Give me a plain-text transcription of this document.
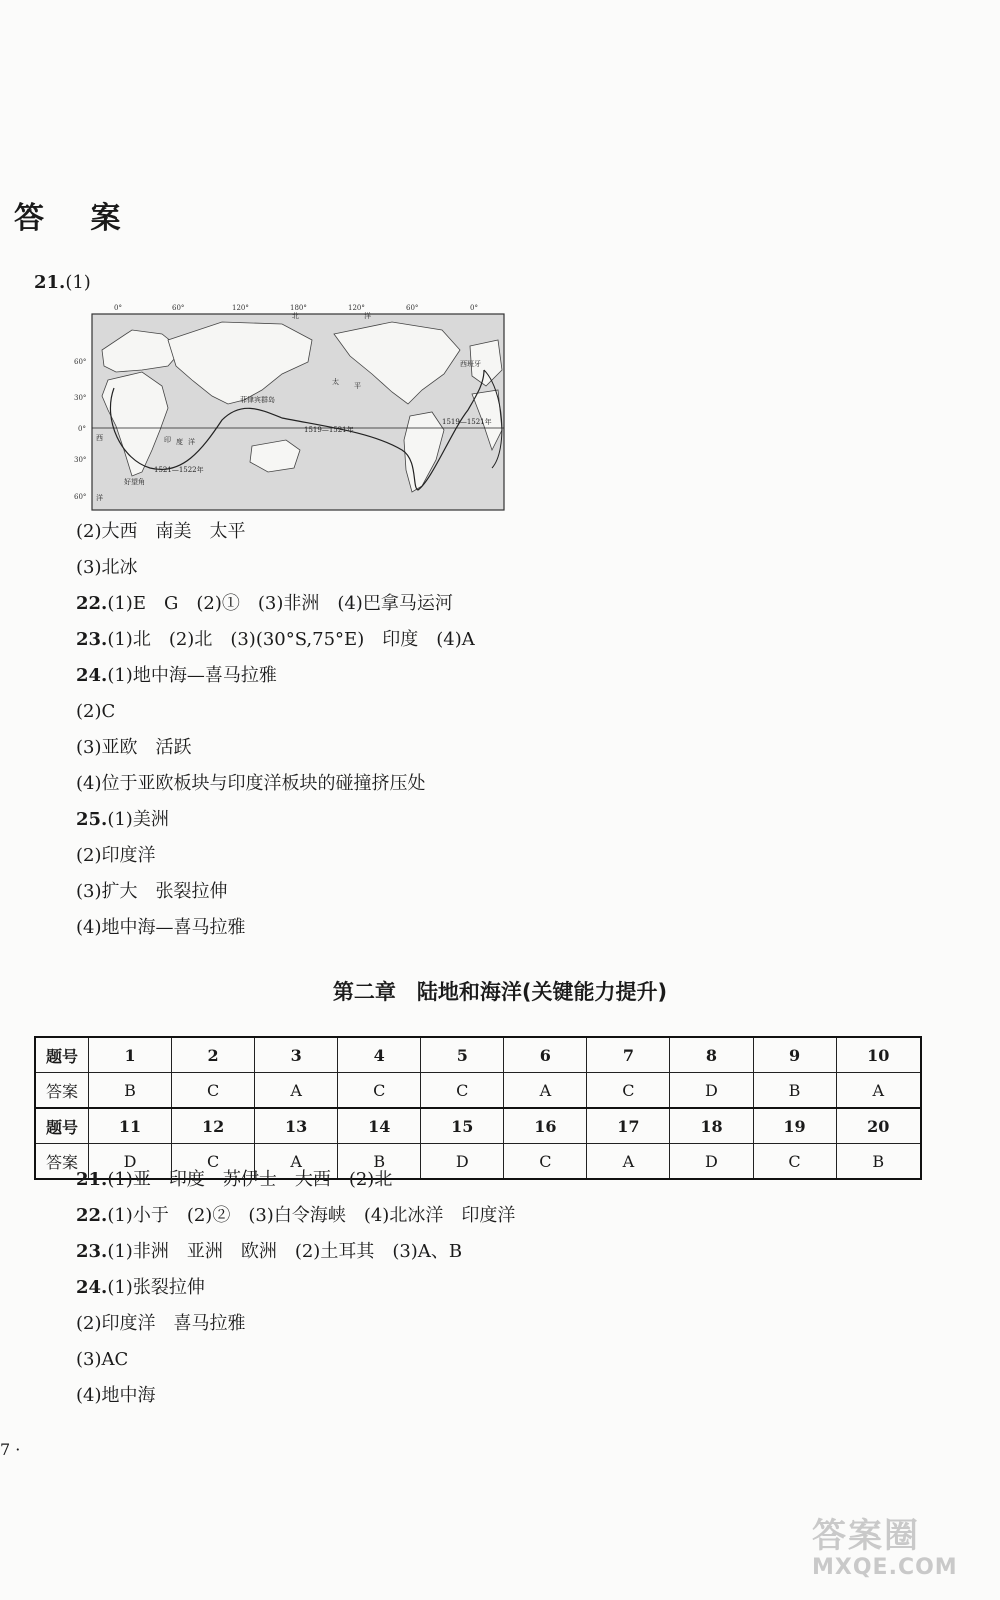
答 案
21.(1)
0°	60°	120°	180°	120°	60°	0°
60°
30°
0°
30°
60°
菲律宾群岛
1519—1521年
1521—1522年
1519—1521年
好望角
西班牙
太 平
北	洋
印 度 洋
西
洋
(2)大西　南美　太平
(3)北冰
22.(1)E　G　(2)①　(3)非洲　(4)巴拿马运河
23.(1)北　(2)北　(3)(30°S,75°E)　印度　(4)A
24.(1)地中海—喜马拉雅
(2)C
(3)亚欧　活跃
(4)位于亚欧板块与印度洋板块的碰撞挤压处
25.(1)美洲
(2)印度洋
(3)扩大　张裂拉伸
(4)地中海—喜马拉雅
第二章　陆地和海洋(关键能力提升)
题号	1	2	3	4	5	6	7	8	9	10
答案	B	C	A	C	C	A	C	D	B	A
题号	11	12	13	14	15	16	17	18	19	20
答案	D	C	A	B	D	C	A	D	C	B
21.(1)亚　印度　苏伊士　大西　(2)北
22.(1)小于　(2)②　(3)白令海峡　(4)北冰洋　印度洋
23.(1)非洲　亚洲　欧洲　(2)土耳其　(3)A、B
24.(1)张裂拉伸
(2)印度洋　喜马拉雅
(3)AC
(4)地中海
7 ·
答案圈
MXQE.COM
